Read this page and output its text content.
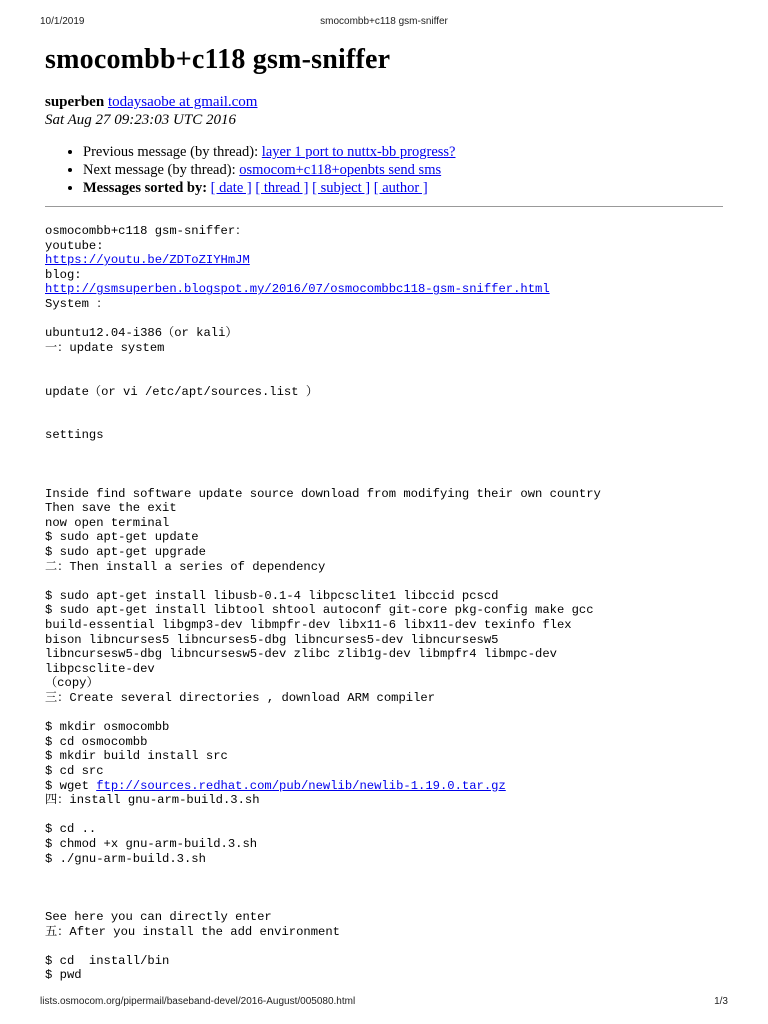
10/1/2019	smocombb+c118 gsm-sniffer
smocombb+c118 gsm-sniffer
superben todaysaobe at gmail.com
Sat Aug 27 09:23:03 UTC 2016
• Previous message (by thread): layer 1 port to nuttx-bb progress?
• Next message (by thread): osmocom+c118+openbts send sms
• Messages sorted by: [ date ] [ thread ] [ subject ] [ author ]
osmocombb+c118 gsm-sniffer：
youtube:
https://youtu.be/ZDToZIYHmJM
blog:
http://gsmsuperben.blogspot.my/2016/07/osmocombbc118-gsm-sniffer.html
System ：

ubuntu12.04-i386（or kali）
一：update system

update（or vi /etc/apt/sources.list ）

settings

Inside find software update source download from modifying their own country
Then save the exit
now open terminal
$ sudo apt-get update
$ sudo apt-get upgrade
二：Then install a series of dependency

$ sudo apt-get install libusb-0.1-4 libpcsclite1 libccid pcscd
$ sudo apt-get install libtool shtool autoconf git-core pkg-config make gcc
build-essential libgmp3-dev libmpfr-dev libx11-6 libx11-dev texinfo flex
bison libncurses5 libncurses5-dbg libncurses5-dev libncursesw5
libncursesw5-dbg libncursesw5-dev zlibc zlib1g-dev libmpfr4 libmpc-dev
libpcsclite-dev
（copy）
三：Create several directories , download ARM compiler

$ mkdir osmocombb
$ cd osmocombb
$ mkdir build install src
$ cd src
$ wget ftp://sources.redhat.com/pub/newlib/newlib-1.19.0.tar.gz
四：install gnu-arm-build.3.sh

$ cd ..
$ chmod +x gnu-arm-build.3.sh
$ ./gnu-arm-build.3.sh

See here you can directly enter
五：After you install the add environment

$ cd  install/bin
$ pwd
lists.osmocom.org/pipermail/baseband-devel/2016-August/005080.html	1/3
